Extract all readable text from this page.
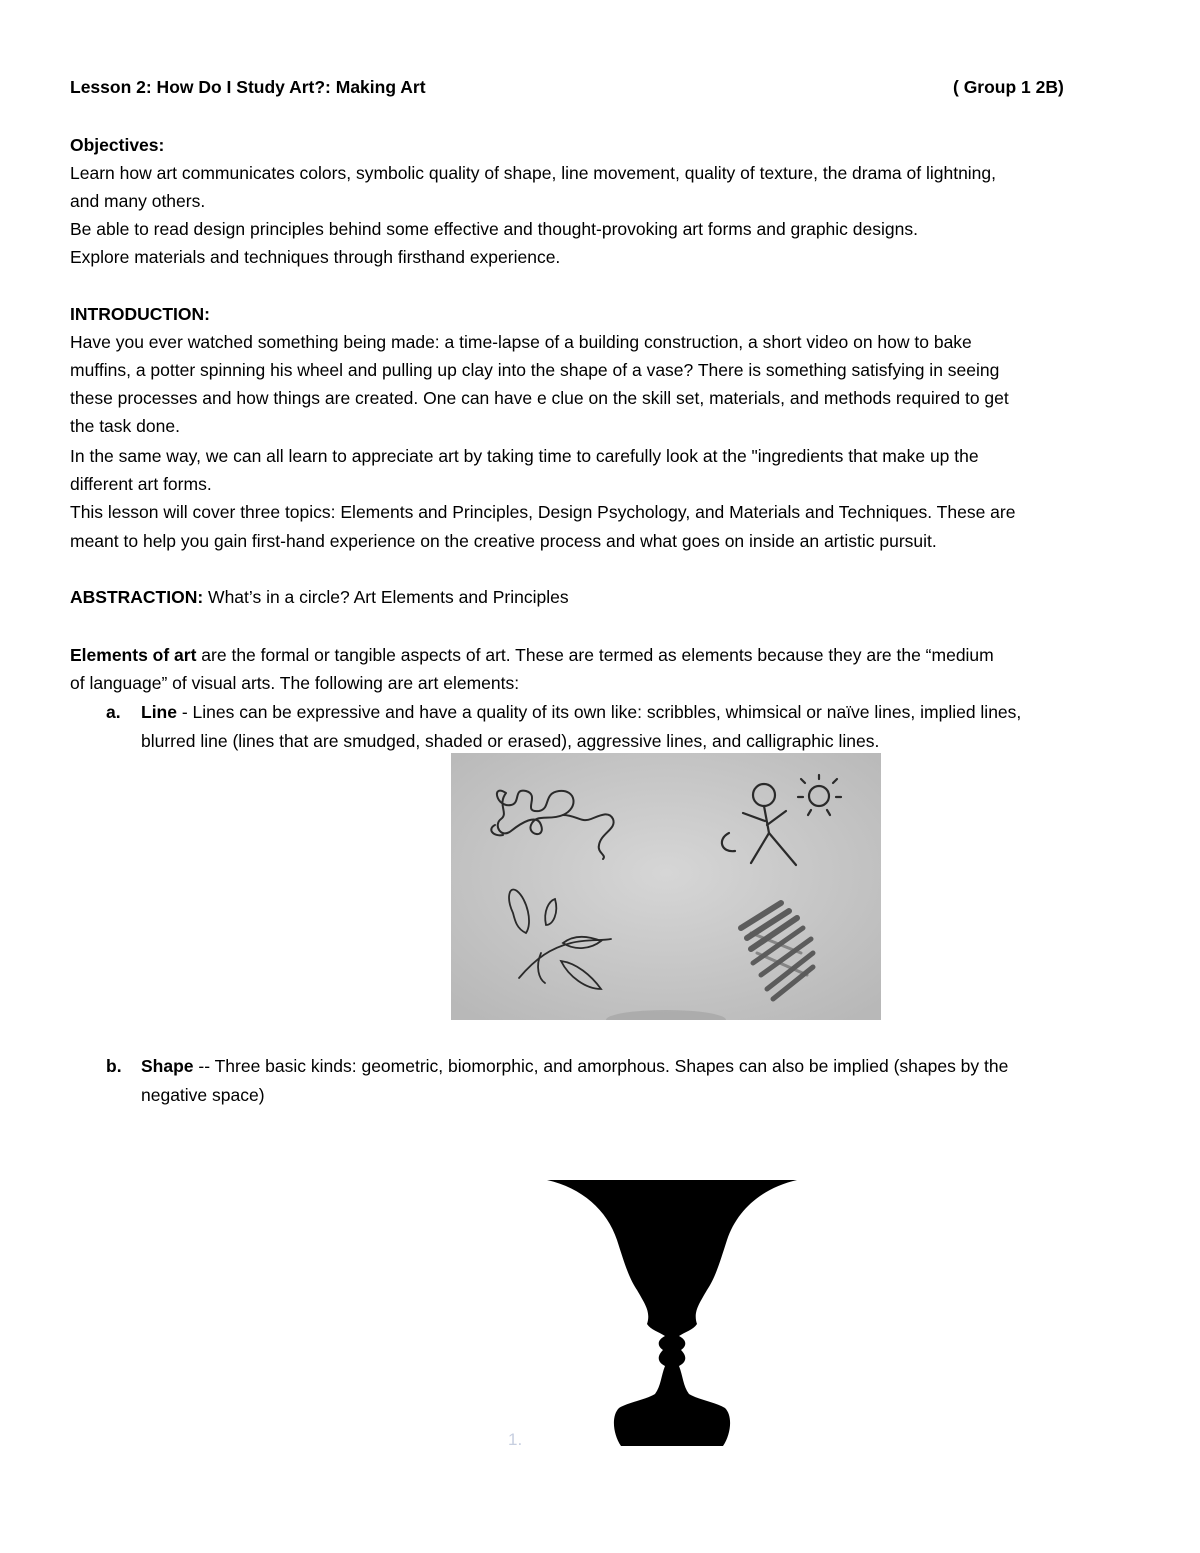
Lesson 2: How Do I Study Art?: Making Art	( Group 1 2B)
Objectives:
Learn how art communicates colors, symbolic quality of shape, line movement, quality of texture, the drama of lightning,
and many others.
Be able to read design principles behind some effective and thought-provoking art forms and graphic designs.
Explore materials and techniques through firsthand experience.
INTRODUCTION:
Have you ever watched something being made: a time-lapse of a building construction, a short video on how to bake
muffins, a potter spinning his wheel and pulling up clay into the shape of a vase? There is something satisfying in seeing
these processes and how things are created. One can have e clue on the skill set, materials, and methods required to get
the task done.
In the same way, we can all learn to appreciate art by taking time to carefully look at the "ingredients that make up the
different art forms.
This lesson will cover three topics: Elements and Principles, Design Psychology, and Materials and Techniques. These are
meant to help you gain first-hand experience on the creative process and what goes on inside an artistic pursuit.
ABSTRACTION: What’s in a circle? Art Elements and Principles
Elements of art are the formal or tangible aspects of art. These are termed as elements because they are the “medium
of language” of visual arts. The following are art elements:
a. Line - Lines can be expressive and have a quality of its own like: scribbles, whimsical or naïve lines, implied lines,
blurred line (lines that are smudged, shaded or erased), aggressive lines, and calligraphic lines.
b. Shape -- Three basic kinds: geometric, biomorphic, and amorphous. Shapes can also be implied (shapes by the
negative space)
1.
